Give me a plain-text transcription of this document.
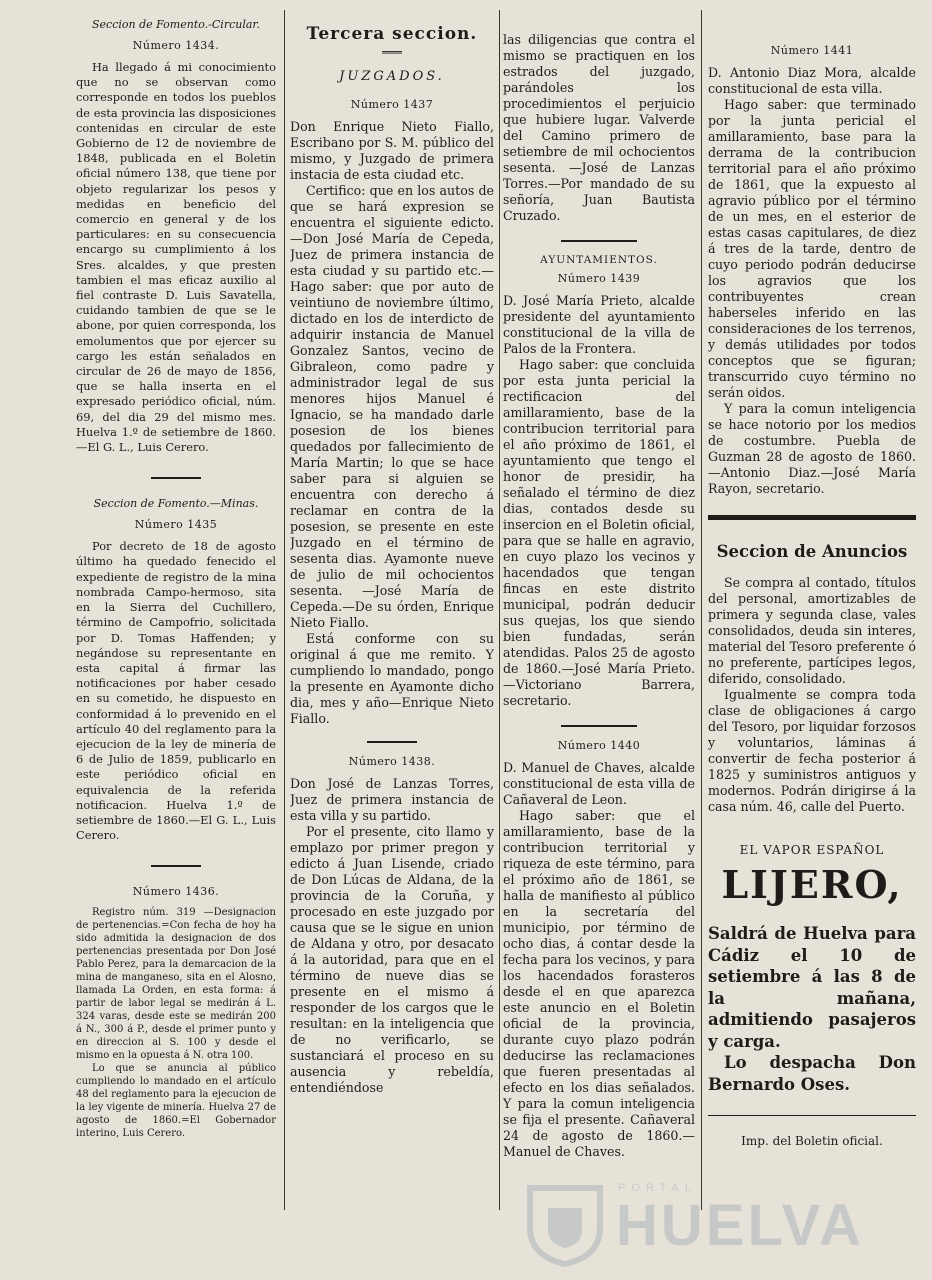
Seccion de Fomento.-Circular.
Número 1434.

Ha llegado á mi conocimiento que no se observan como corresponde en todos los pueblos de esta provincia las disposiciones contenidas en circular de este Gobierno de 12 de noviembre de 1848, publicada en el Boletin oficial número 138, que tiene por objeto regularizar los pesos y medidas en beneficio del comercio en general y de los particulares: en su consecuencia encargo su cumplimiento á los Sres. alcaldes, y que presten tambien el mas eficaz auxilio al fiel contraste D. Luis Savatella, cuidando tambien de que se le abone, por quien corresponda, los emolumentos que por ejercer su cargo les están señalados en circular de 26 de mayo de 1856, que se halla inserta en el expresado periódico oficial, núm. 69, del dia 29 del mismo mes. Huelva 1.º de setiembre de 1860.—El G. L., Luis Cerero.

Seccion de Fomento.—Minas.
Número 1435

Por decreto de 18 de agosto último ha quedado fenecido el expediente de registro de la mina nombrada Campo-hermoso, sita en la Sierra del Cuchillero, término de Campofrio, solicitada por D. Tomas Haffenden; y negándose su representante en esta capital á firmar las notificaciones por haber cesado en su cometido, he dispuesto en conformidad á lo prevenido en el artículo 40 del reglamento para la ejecucion de la ley de minería de 6 de Julio de 1859, publicarlo en este periódico oficial en equivalencia de la referida notificacion. Huelva 1.º de setiembre de 1860.—El G. L., Luis Cerero.

Número 1436.

Registro núm. 319 —Designacion de pertenencias.=Con fecha de hoy ha sido admitida la designacion de dos pertenencias presentada por Don José Pablo Perez, para la demarcacion de la mina de manganeso, sita en el Alosno, llamada La Orden, en esta forma: á partir de labor legal se medirán á L. 324 varas, desde este se medirán 200 á N., 300 á P., desde el primer punto y en direccion al S. 100 y desde el mismo en la opuesta á N. otra 100.

Lo que se anuncia al público cumpliendo lo mandado en el artículo 48 del reglamento para la ejecucion de la ley vigente de minería. Huelva 27 de agosto de 1860.=El Gobernador interino, Luis Cerero.

Tercera seccion.
═══
JUZGADOS.
Número 1437

Don Enrique Nieto Fiallo, Escribano por S. M. público del mismo, y Juzgado de primera instacia de esta ciudad etc.

Certifico: que en los autos de que se hará expresion se encuentra el siguiente edicto. —Don José María de Cepeda, Juez de primera instancia de esta ciudad y su partido etc.—Hago saber: que por auto de veintiuno de noviembre último, dictado en los de interdicto de adquirir instancia de Manuel Gonzalez Santos, vecino de Gibraleon, como padre y administrador legal de sus menores hijos Manuel é Ignacio, se ha mandado darle posesion de los bienes quedados por fallecimiento de María Martin; lo que se hace saber para si alguien se encuentra con derecho á reclamar en contra de la posesion, se presente en este Juzgado en el término de sesenta dias. Ayamonte nueve de julio de mil ochocientos sesenta. —José María de Cepeda.—De su órden, Enrique Nieto Fiallo.

Está conforme con su original á que me remito. Y cumpliendo lo mandado, pongo la presente en Ayamonte dicho dia, mes y año—Enrique Nieto Fiallo.

Número 1438.

Don José de Lanzas Torres, Juez de primera instancia de esta villa y su partido.

Por el presente, cito llamo y emplazo por primer pregon y edicto á Juan Lisende, criado de Don Lúcas de Aldana, de la provincia de la Coruña, y procesado en este juzgado por causa que se le sigue en union de Aldana y otro, por desacato á la autoridad, para que en el término de nueve dias se presente en el mismo á responder de los cargos que le resultan: en la inteligencia que de no verificarlo, se sustanciará el proceso en su ausencia y rebeldía, entendiéndose

las diligencias que contra el mismo se practiquen en los estrados del juzgado, parándoles los procedimientos el perjuicio que hubiere lugar. Valverde del Camino primero de setiembre de mil ochocientos sesenta. —José de Lanzas Torres.—Por mandado de su señoría, Juan Bautista Cruzado.

AYUNTAMIENTOS.
Número 1439

D. José María Prieto, alcalde presidente del ayuntamiento constitucional de la villa de Palos de la Frontera.

Hago saber: que concluida por esta junta pericial la rectificacion del amillaramiento, base de la contribucion territorial para el año próximo de 1861, el ayuntamiento que tengo el honor de presidir, ha señalado el término de diez dias, contados desde su insercion en el Boletin oficial, para que se halle en agravio, en cuyo plazo los vecinos y hacendados que tengan fincas en este distrito municipal, podrán deducir sus quejas, los que siendo bien fundadas, serán atendidas. Palos 25 de agosto de 1860.—José María Prieto.—Victoriano Barrera, secretario.

Número 1440

D. Manuel de Chaves, alcalde constitucional de esta villa de Cañaveral de Leon.

Hago saber: que el amillaramiento, base de la contribucion territorial y riqueza de este término, para el próximo año de 1861, se halla de manifiesto al público en la secretaría del municipio, por término de ocho dias, á contar desde la fecha para los vecinos, y para los hacendados forasteros desde el en que aparezca este anuncio en el Boletin oficial de la provincia, durante cuyo plazo podrán deducirse las reclamaciones que fueren presentadas al efecto en los dias señalados. Y para la comun inteligencia se fija el presente. Cañaveral 24 de agosto de 1860.—Manuel de Chaves.

Número 1441

D. Antonio Diaz Mora, alcalde constitucional de esta villa.

Hago saber: que terminado por la junta pericial el amillaramiento, base para la derrama de la contribucion territorial para el año próximo de 1861, que la expuesto al agravio público por el término de un mes, en el esterior de estas casas capitulares, de diez á tres de la tarde, dentro de cuyo periodo podrán deducirse los agravios que los contribuyentes crean haberseles inferido en las consideraciones de los terrenos, y demás utilidades por todos conceptos que se figuran; transcurrido cuyo término no serán oidos.

Y para la comun inteligencia se hace notorio por los medios de costumbre. Puebla de Guzman 28 de agosto de 1860. —Antonio Diaz.—José María Rayon, secretario.

Seccion de Anuncios

Se compra al contado, títulos del personal, amortizables de primera y segunda clase, vales consolidados, deuda sin interes, material del Tesoro preferente ó no preferente, partícipes legos, diferido, consolidado.

Igualmente se compra toda clase de obligaciones á cargo del Tesoro, por liquidar forzosos y voluntarios, láminas á convertir de fecha posterior á 1825 y suministros antiguos y modernos. Podrán dirigirse á la casa núm. 46, calle del Puerto.

EL VAPOR ESPAÑOL
LIJERO,

Saldrá de Huelva para Cádiz el 10 de setiembre á las 8 de la mañana, admitiendo pasajeros y carga.

Lo despacha Don Bernardo Oses.

Imp. del Boletin oficial.
PORTAL
HUELVA
